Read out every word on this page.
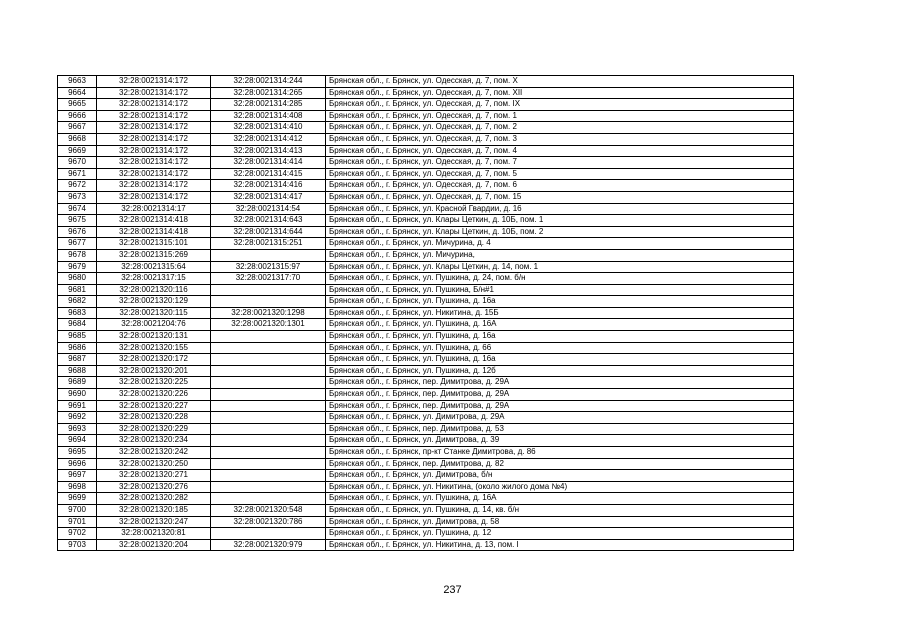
9663	32:28:0021314:172	32:28:0021314:244	Брянская обл., г. Брянск, ул. Одесская, д. 7, пом. X
9664	32:28:0021314:172	32:28:0021314:265	Брянская обл., г. Брянск, ул. Одесская, д. 7, пом. XII
9665	32:28:0021314:172	32:28:0021314:285	Брянская обл., г. Брянск, ул. Одесская, д. 7, пом. IX
9666	32:28:0021314:172	32:28:0021314:408	Брянская обл., г. Брянск, ул. Одесская, д. 7, пом. 1
9667	32:28:0021314:172	32:28:0021314:410	Брянская обл., г. Брянск, ул. Одесская, д. 7, пом. 2
9668	32:28:0021314:172	32:28:0021314:412	Брянская обл., г. Брянск, ул. Одесская, д. 7, пом. 3
9669	32:28:0021314:172	32:28:0021314:413	Брянская обл., г. Брянск, ул. Одесская, д. 7, пом. 4
9670	32:28:0021314:172	32:28:0021314:414	Брянская обл., г. Брянск, ул. Одесская, д. 7, пом. 7
9671	32:28:0021314:172	32:28:0021314:415	Брянская обл., г. Брянск, ул. Одесская, д. 7, пом. 5
9672	32:28:0021314:172	32:28:0021314:416	Брянская обл., г. Брянск, ул. Одесская, д. 7, пом. 6
9673	32:28:0021314:172	32:28:0021314:417	Брянская обл., г. Брянск, ул. Одесская, д. 7, пом. 15
9674	32:28:0021314:17	32:28:0021314:54	Брянская обл., г. Брянск, ул. Красной Гвардии, д. 16
9675	32:28:0021314:418	32:28:0021314:643	Брянская обл., г. Брянск, ул. Клары Цеткин, д. 10Б, пом. 1
9676	32:28:0021314:418	32:28:0021314:644	Брянская обл., г. Брянск, ул. Клары Цеткин, д. 10Б, пом. 2
9677	32:28:0021315:101	32:28:0021315:251	Брянская обл., г. Брянск, ул. Мичурина, д. 4
9678	32:28:0021315:269		Брянская обл., г. Брянск, ул. Мичурина,
9679	32:28:0021315:64	32:28:0021315:97	Брянская обл., г. Брянск, ул. Клары Цеткин, д. 14, пом. 1
9680	32:28:0021317:15	32:28:0021317:70	Брянская обл., г. Брянск, ул. Пушкина, д. 24, пом. б/н
9681	32:28:0021320:116		Брянская обл., г. Брянск, ул. Пушкина, Б/н#1
9682	32:28:0021320:129		Брянская обл., г. Брянск, ул. Пушкина, д. 16а
9683	32:28:0021320:115	32:28:0021320:1298	Брянская обл., г. Брянск, ул. Никитина, д. 15Б
9684	32:28:0021204:76	32:28:0021320:1301	Брянская обл., г. Брянск, ул. Пушкина, д. 16А
9685	32:28:0021320:131		Брянская обл., г. Брянск, ул. Пушкина, д. 16а
9686	32:28:0021320:155		Брянская обл., г. Брянск, ул. Пушкина, д. 66
9687	32:28:0021320:172		Брянская обл., г. Брянск, ул. Пушкина, д. 16а
9688	32:28:0021320:201		Брянская обл., г. Брянск, ул. Пушкина, д. 12б
9689	32:28:0021320:225		Брянская обл., г. Брянск, пер. Димитрова, д. 29А
9690	32:28:0021320:226		Брянская обл., г. Брянск, пер. Димитрова, д. 29А
9691	32:28:0021320:227		Брянская обл., г. Брянск, пер. Димитрова, д. 29А
9692	32:28:0021320:228		Брянская обл., г. Брянск, ул. Димитрова, д. 29А
9693	32:28:0021320:229		Брянская обл., г. Брянск, пер. Димитрова, д. 53
9694	32:28:0021320:234		Брянская обл., г. Брянск, ул. Димитрова, д. 39
9695	32:28:0021320:242		Брянская обл., г. Брянск, пр-кт Станке Димитрова, д. 86
9696	32:28:0021320:250		Брянская обл., г. Брянск, пер. Димитрова, д. 82
9697	32:28:0021320:271		Брянская обл., г. Брянск, ул. Димитрова, б/н
9698	32:28:0021320:276		Брянская обл., г. Брянск, ул. Никитина, (около жилого дома №4)
9699	32:28:0021320:282		Брянская обл., г. Брянск, ул. Пушкина, д. 16А
9700	32:28:0021320:185	32:28:0021320:548	Брянская обл., г. Брянск, ул. Пушкина, д. 14, кв. б/н
9701	32:28:0021320:247	32:28:0021320:786	Брянская обл., г. Брянск, ул. Димитрова, д. 58
9702	32:28:0021320:81		Брянская обл., г. Брянск, ул. Пушкина, д. 12
9703	32:28:0021320:204	32:28:0021320:979	Брянская обл., г. Брянск, ул. Никитина, д. 13, пом. I
237
